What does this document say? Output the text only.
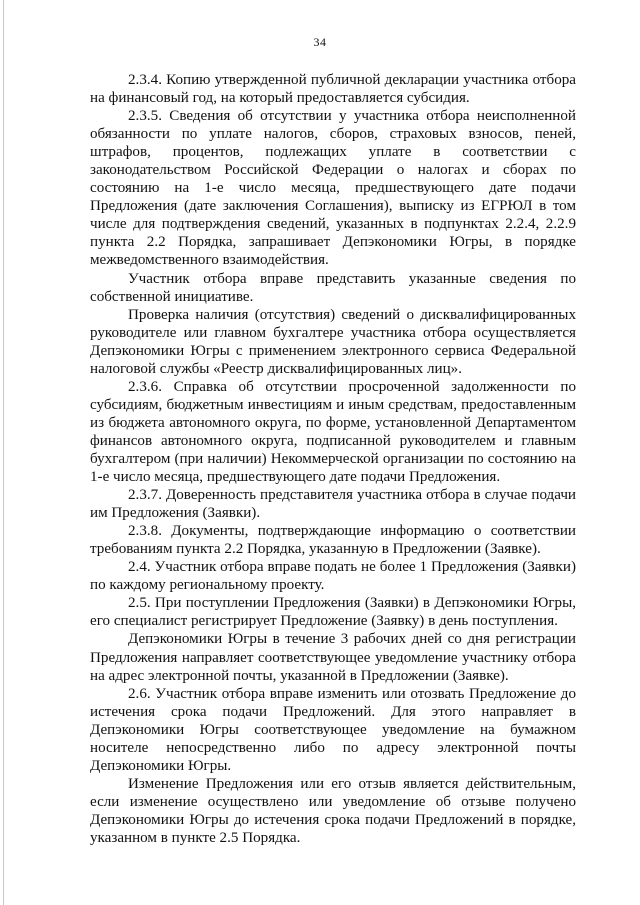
34

2.3.4. Копию утвержденной публичной декларации участника отбора на финансовый год, на который предоставляется субсидия.

2.3.5. Сведения об отсутствии у участника отбора неисполненной обязанности по уплате налогов, сборов, страховых взносов, пеней, штрафов, процентов, подлежащих уплате в соответствии с законодательством Российской Федерации о налогах и сборах по состоянию на 1-е число месяца, предшествующего дате подачи Предложения (дате заключения Соглашения), выписку из ЕГРЮЛ в том числе для подтверждения сведений, указанных в подпунктах 2.2.4, 2.2.9 пункта 2.2 Порядка, запрашивает Депэкономики Югры, в порядке межведомственного взаимодействия.

Участник отбора вправе представить указанные сведения по собственной инициативе.

Проверка наличия (отсутствия) сведений о дисквалифицированных руководителе или главном бухгалтере участника отбора осуществляется Депэкономики Югры с применением электронного сервиса Федеральной налоговой службы «Реестр дисквалифицированных лиц».

2.3.6. Справка об отсутствии просроченной задолженности по субсидиям, бюджетным инвестициям и иным средствам, предоставленным из бюджета автономного округа, по форме, установленной Департаментом финансов автономного округа, подписанной руководителем и главным бухгалтером (при наличии) Некоммерческой организации по состоянию на 1-е число месяца, предшествующего дате подачи Предложения.

2.3.7. Доверенность представителя участника отбора в случае подачи им Предложения (Заявки).

2.3.8. Документы, подтверждающие информацию о соответствии требованиям пункта 2.2 Порядка, указанную в Предложении (Заявке).

2.4. Участник отбора вправе подать не более 1 Предложения (Заявки) по каждому региональному проекту.

2.5. При поступлении Предложения (Заявки) в Депэкономики Югры, его специалист регистрирует Предложение (Заявку) в день поступления.

Депэкономики Югры в течение 3 рабочих дней со дня регистрации Предложения направляет соответствующее уведомление участнику отбора на адрес электронной почты, указанной в Предложении (Заявке).

2.6. Участник отбора вправе изменить или отозвать Предложение до истечения срока подачи Предложений. Для этого направляет в Депэкономики Югры соответствующее уведомление на бумажном носителе непосредственно либо по адресу электронной почты Депэкономики Югры.

Изменение Предложения или его отзыв является действительным, если изменение осуществлено или уведомление об отзыве получено Депэкономики Югры до истечения срока подачи Предложений в порядке, указанном в пункте 2.5 Порядка.
